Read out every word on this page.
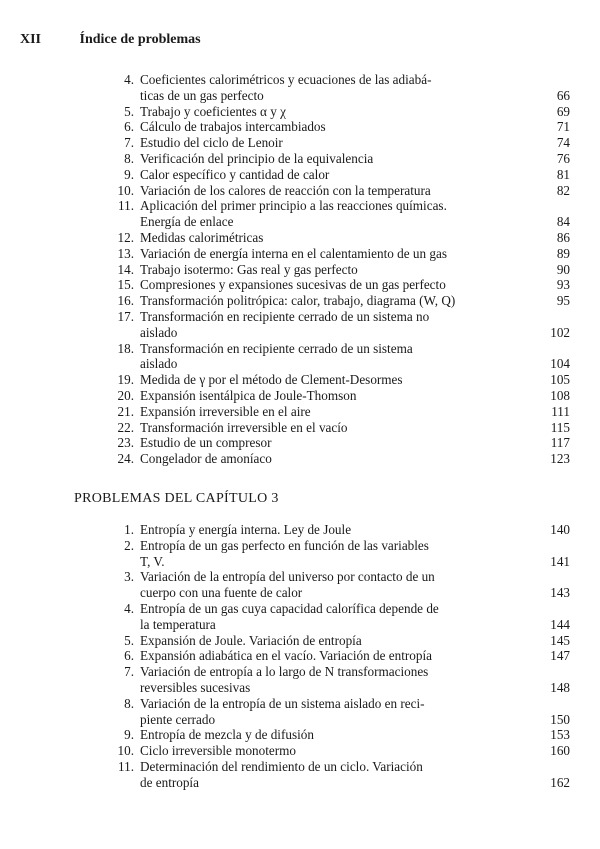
XII	Índice de problemas
4. Coeficientes calorimétricos y ecuaciones de las adiabá-
ticas de un gas perfecto	66
5. Trabajo y coeficientes α y χ	69
6. Cálculo de trabajos intercambiados	71
7. Estudio del ciclo de Lenoir	74
8. Verificación del principio de la equivalencia	76
9. Calor específico y cantidad de calor	81
10. Variación de los calores de reacción con la temperatura	82
11. Aplicación del primer principio a las reacciones químicas.
Energía de enlace	84
12. Medidas calorimétricas	86
13. Variación de energía interna en el calentamiento de un gas	89
14. Trabajo isotermo: Gas real y gas perfecto	90
15. Compresiones y expansiones sucesivas de un gas perfecto	93
16. Transformación politrópica: calor, trabajo, diagrama (W, Q)	95
17. Transformación en recipiente cerrado de un sistema no
aislado	102
18. Transformación en recipiente cerrado de un sistema
aislado	104
19. Medida de γ por el método de Clement-Desormes	105
20. Expansión isentálpica de Joule-Thomson	108
21. Expansión irreversible en el aire	111
22. Transformación irreversible en el vacío	115
23. Estudio de un compresor	117
24. Congelador de amoníaco	123
PROBLEMAS DEL CAPÍTULO 3
1. Entropía y energía interna. Ley de Joule	140
2. Entropía de un gas perfecto en función de las variables
T, V.	141
3. Variación de la entropía del universo por contacto de un
cuerpo con una fuente de calor	143
4. Entropía de un gas cuya capacidad calorífica depende de
la temperatura	144
5. Expansión de Joule. Variación de entropía	145
6. Expansión adiabática en el vacío. Variación de entropía	147
7. Variación de entropía a lo largo de N transformaciones
reversibles sucesivas	148
8. Variación de la entropía de un sistema aislado en reci-
piente cerrado	150
9. Entropía de mezcla y de difusión	153
10. Ciclo irreversible monotermo	160
11. Determinación del rendimiento de un ciclo. Variación
de entropía	162
